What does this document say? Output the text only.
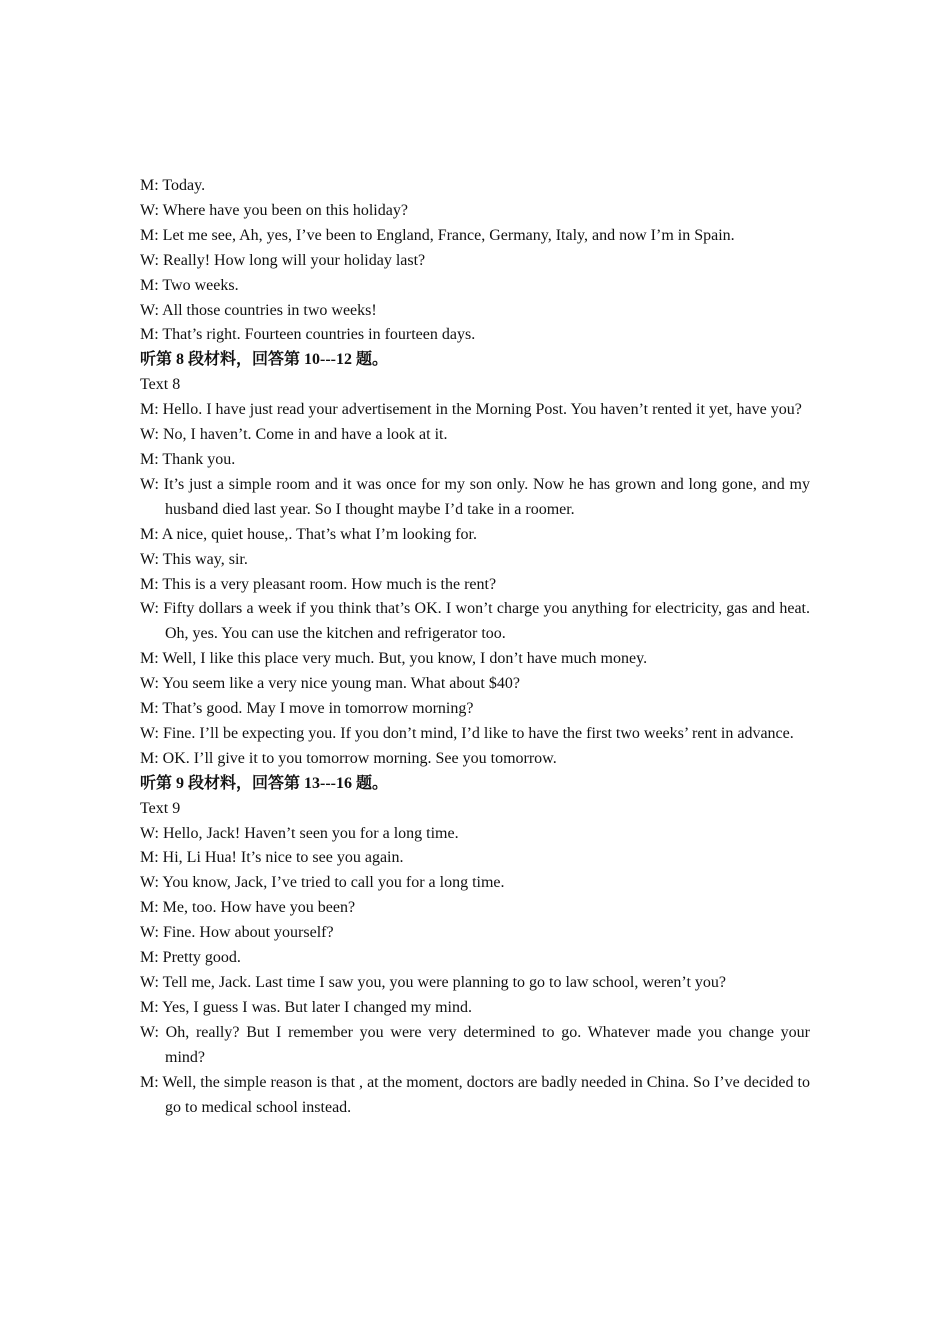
M: Today.

W: Where have you been on this holiday?

M: Let me see, Ah, yes, I’ve been to England, France, Germany, Italy, and now I’m in Spain.

W: Really! How long will your holiday last?

M: Two weeks.

W: All those countries in two weeks!

M: That’s right. Fourteen countries in fourteen days.

听第 8 段材料，回答第 10---12 题。

Text 8

M: Hello. I have just read your advertisement in the Morning Post. You haven’t rented it yet, have you?

W: No, I haven’t. Come in and have a look at it.

M: Thank you.

W: It’s just a simple room and it was once for my son only. Now he has grown and long gone, and my husband died last year. So I thought maybe I’d take in a roomer.

M: A nice, quiet house,. That’s what I’m looking for.

W: This way, sir.

M: This is a very pleasant room. How much is the rent?

W: Fifty dollars a week if you think that’s OK. I won’t charge you anything for electricity, gas and heat. Oh, yes. You can use the kitchen and refrigerator too.

M: Well, I like this place very much. But, you know, I don’t have much money.

W: You seem like a very nice young man. What about $40?

M: That’s good. May I move in tomorrow morning?

W: Fine. I’ll be expecting you. If you don’t mind, I’d like to have the first two weeks’ rent in advance.

M: OK. I’ll give it to you tomorrow morning. See you tomorrow.

听第 9 段材料，回答第 13---16 题。

Text 9

W: Hello, Jack! Haven’t seen you for a long time.

M: Hi, Li Hua! It’s nice to see you again.

W: You know, Jack, I’ve tried to call you for a long time.

M: Me, too. How have you been?

W: Fine. How about yourself?

M: Pretty good.

W: Tell me, Jack. Last time I saw you, you were planning to go to law school, weren’t you?

M: Yes, I guess I was. But later I changed my mind.

W: Oh, really? But I remember you were very determined to go. Whatever made you change your mind?

M: Well, the simple reason is that , at the moment, doctors are badly needed in China. So I’ve decided to go to medical school instead.
